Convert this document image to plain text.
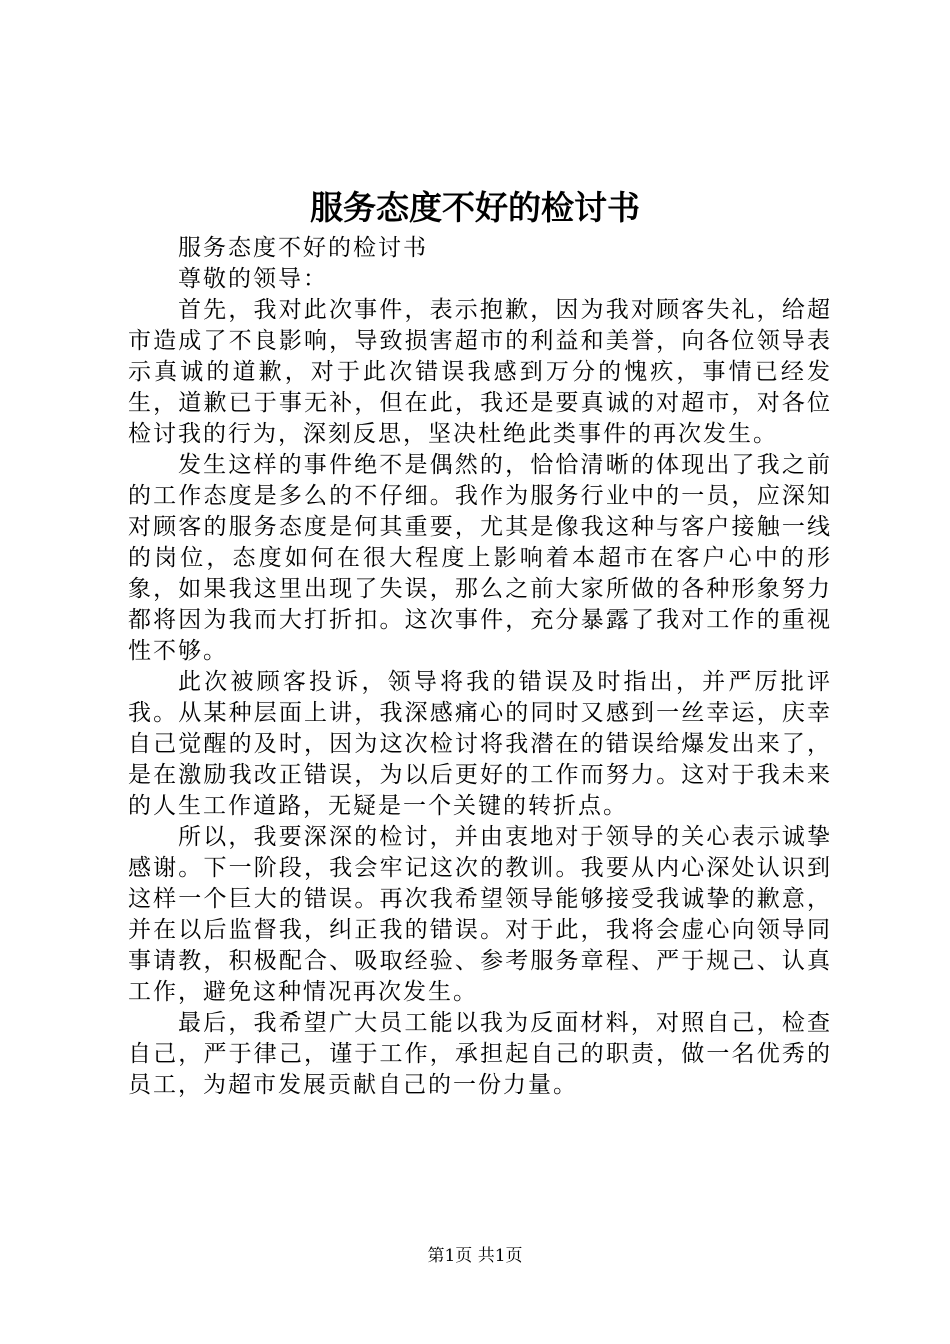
服务态度不好的检讨书

服务态度不好的检讨书

尊敬的领导：

首先，我对此次事件，表示抱歉，因为我对顾客失礼，给超市造成了不良影响，导致损害超市的利益和美誉，向各位领导表示真诚的道歉，对于此次错误我感到万分的愧疚，事情已经发生，道歉已于事无补，但在此，我还是要真诚的对超市，对各位检讨我的行为，深刻反思，坚决杜绝此类事件的再次发生。

发生这样的事件绝不是偶然的，恰恰清晰的体现出了我之前的工作态度是多么的不仔细。我作为服务行业中的一员，应深知对顾客的服务态度是何其重要，尤其是像我这种与客户接触一线的岗位，态度如何在很大程度上影响着本超市在客户心中的形象，如果我这里出现了失误，那么之前大家所做的各种形象努力都将因为我而大打折扣。这次事件，充分暴露了我对工作的重视性不够。

此次被顾客投诉，领导将我的错误及时指出，并严厉批评我。从某种层面上讲，我深感痛心的同时又感到一丝幸运，庆幸自己觉醒的及时，因为这次检讨将我潜在的错误给爆发出来了，是在激励我改正错误，为以后更好的工作而努力。这对于我未来的人生工作道路，无疑是一个关键的转折点。

所以，我要深深的检讨，并由衷地对于领导的关心表示诚挚感谢。下一阶段，我会牢记这次的教训。我要从内心深处认识到这样一个巨大的错误。再次我希望领导能够接受我诚挚的歉意，并在以后监督我，纠正我的错误。对于此，我将会虚心向领导同事请教，积极配合、吸取经验、参考服务章程、严于规己、认真工作，避免这种情况再次发生。

最后，我希望广大员工能以我为反面材料，对照自己，检查自己，严于律己，谨于工作，承担起自己的职责，做一名优秀的员工，为超市发展贡献自己的一份力量。

第1页 共1页
